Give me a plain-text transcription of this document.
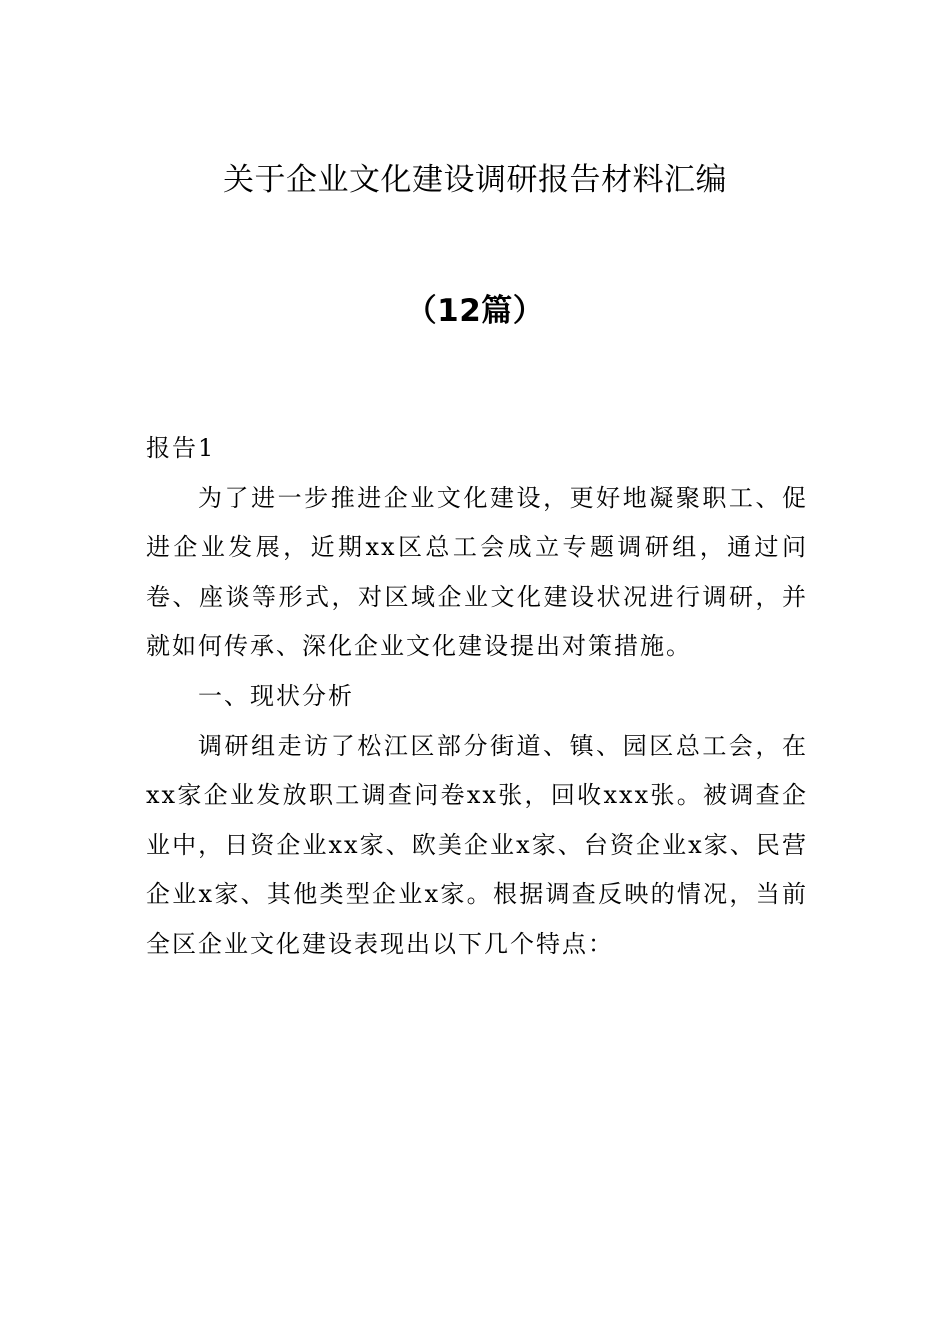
关于企业文化建设调研报告材料汇编
（12篇）

报告1

为了进一步推进企业文化建设，更好地凝聚职工、促进企业发展，近期xx区总工会成立专题调研组，通过问卷、座谈等形式，对区域企业文化建设状况进行调研，并就如何传承、深化企业文化建设提出对策措施。

一、现状分析

调研组走访了松江区部分街道、镇、园区总工会，在xx家企业发放职工调查问卷xx张，回收xxx张。被调查企业中，日资企业xx家、欧美企业x家、台资企业x家、民营企业x家、其他类型企业x家。根据调查反映的情况，当前全区企业文化建设表现出以下几个特点：
